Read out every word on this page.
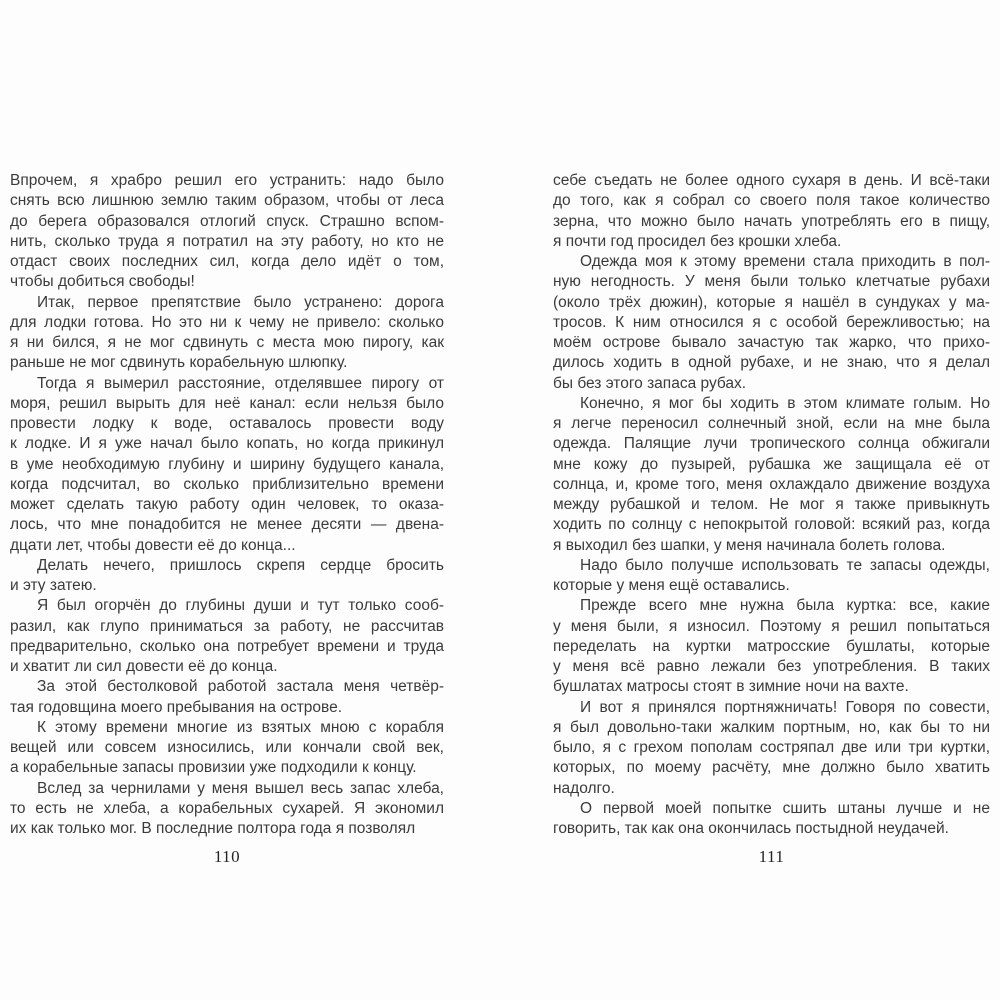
Впрочем, я храбро решил его устранить: надо было
снять всю лишнюю землю таким образом, чтобы от леса
до берега образовался отлогий спуск. Страшно вспом-
нить, сколько труда я потратил на эту работу, но кто не
отдаст своих последних сил, когда дело идёт о том,
чтобы добиться свободы!

Итак, первое препятствие было устранено: дорога
для лодки готова. Но это ни к чему не привело: сколько
я ни бился, я не мог сдвинуть с места мою пирогу, как
раньше не мог сдвинуть корабельную шлюпку.

Тогда я вымерил расстояние, отделявшее пирогу от
моря, решил вырыть для неё канал: если нельзя было
провести лодку к воде, оставалось провести воду
к лодке. И я уже начал было копать, но когда прикинул
в уме необходимую глубину и ширину будущего канала,
когда подсчитал, во сколько приблизительно времени
может сделать такую работу один человек, то оказа-
лось, что мне понадобится не менее десяти — двена-
дцати лет, чтобы довести её до конца...

Делать нечего, пришлось скрепя сердце бросить
и эту затею.

Я был огорчён до глубины души и тут только сооб-
разил, как глупо приниматься за работу, не рассчитав
предварительно, сколько она потребует времени и труда
и хватит ли сил довести её до конца.

За этой бестолковой работой застала меня четвёр-
тая годовщина моего пребывания на острове.

К этому времени многие из взятых мною с корабля
вещей или совсем износились, или кончали свой век,
а корабельные запасы провизии уже подходили к концу.

Вслед за чернилами у меня вышел весь запас хлеба,
то есть не хлеба, а корабельных сухарей. Я экономил
их как только мог. В последние полтора года я позволял

110

себе съедать не более одного сухаря в день. И всё-таки
до того, как я собрал со своего поля такое количество
зерна, что можно было начать употреблять его в пищу,
я почти год просидел без крошки хлеба.

Одежда моя к этому времени стала приходить в пол-
ную негодность. У меня были только клетчатые рубахи
(около трёх дюжин), которые я нашёл в сундуках у ма-
тросов. К ним относился я с особой бережливостью; на
моём острове бывало зачастую так жарко, что прихо-
дилось ходить в одной рубахе, и не знаю, что я делал
бы без этого запаса рубах.

Конечно, я мог бы ходить в этом климате голым. Но
я легче переносил солнечный зной, если на мне была
одежда. Палящие лучи тропического солнца обжигали
мне кожу до пузырей, рубашка же защищала её от
солнца, и, кроме того, меня охлаждало движение воздуха
между рубашкой и телом. Не мог я также привыкнуть
ходить по солнцу с непокрытой головой: всякий раз, когда
я выходил без шапки, у меня начинала болеть голова.

Надо было получше использовать те запасы одежды,
которые у меня ещё оставались.

Прежде всего мне нужна была куртка: все, какие
у меня были, я износил. Поэтому я решил попытаться
переделать на куртки матросские бушлаты, которые
у меня всё равно лежали без употребления. В таких
бушлатах матросы стоят в зимние ночи на вахте.

И вот я принялся портняжничать! Говоря по совести,
я был довольно-таки жалким портным, но, как бы то ни
было, я с грехом пополам состряпал две или три куртки,
которых, по моему расчёту, мне должно было хватить
надолго.

О первой моей попытке сшить штаны лучше и не
говорить, так как она окончилась постыдной неудачей.

111
